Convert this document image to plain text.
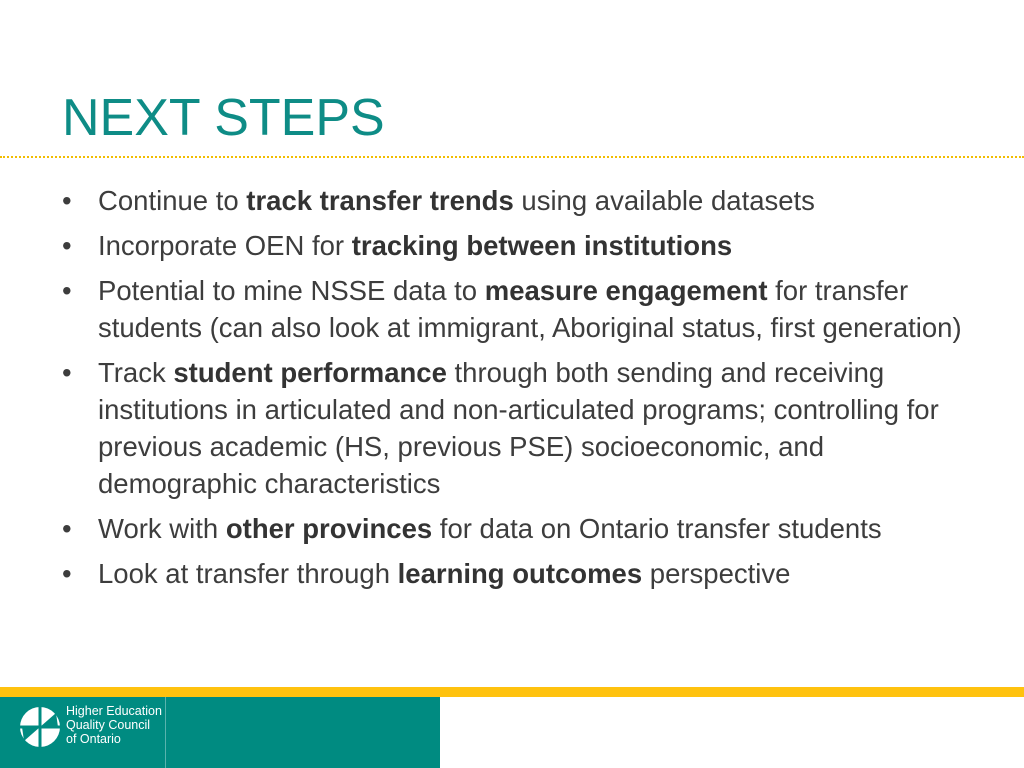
NEXT STEPS
• Continue to track transfer trends using available datasets
• Incorporate OEN for tracking between institutions
• Potential to mine NSSE data to measure engagement for transfer students (can also look at immigrant, Aboriginal status, first generation)
• Track student performance through both sending and receiving institutions in articulated and non-articulated programs; controlling for previous academic (HS, previous PSE) socioeconomic, and demographic characteristics
• Work with other provinces for data on Ontario transfer students
• Look at transfer through learning outcomes perspective
Higher Education
Quality Council
of Ontario
